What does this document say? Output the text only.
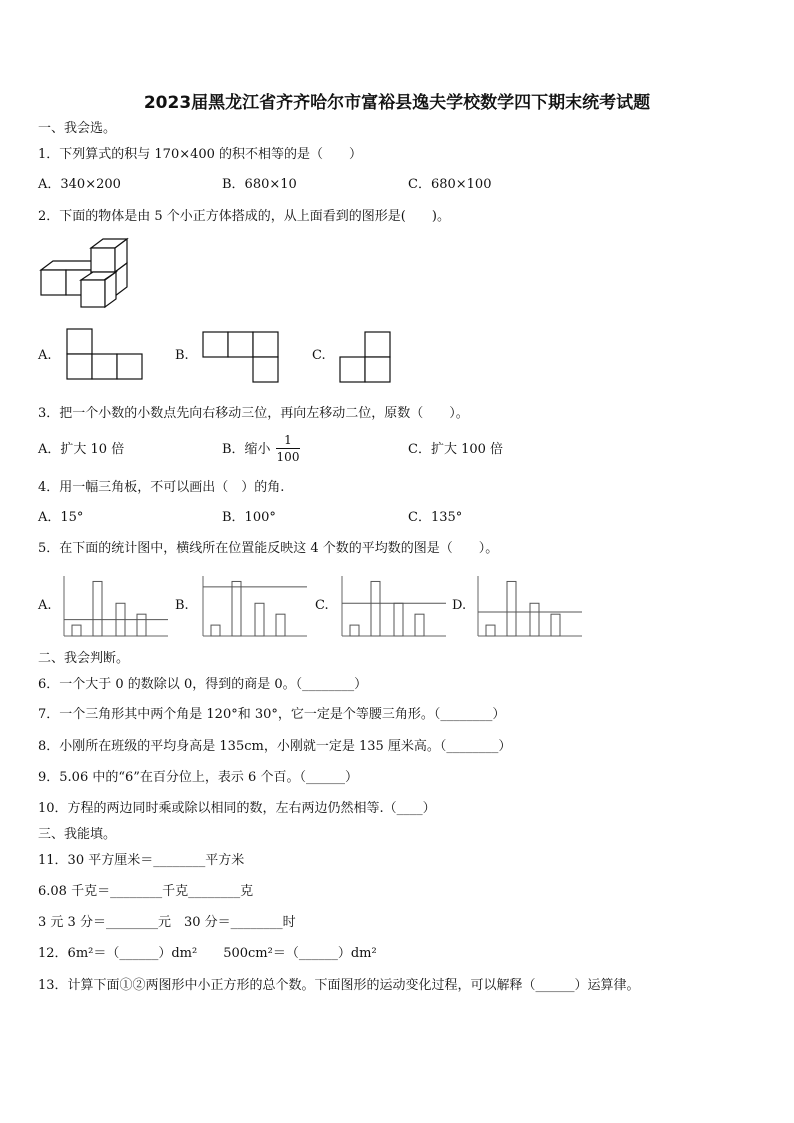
2023届黑龙江省齐齐哈尔市富裕县逸夫学校数学四下期末统考试题
一、我会选。
1．下列算式的积与 170×400 的积不相等的是（　　）
A．340×200	B．680×10	C．680×100
2．下面的物体是由 5 个小正方体搭成的，从上面看到的图形是(　　)。
A.	B.	C.
3．把一个小数的小数点先向右移动三位，再向左移动二位，原数（　　）。
A．扩大 10 倍	B．缩小
1
100	C．扩大 100 倍
4．用一幅三角板，不可以画出（　）的角.
A．15°	B．100°	C．135°
5．在下面的统计图中，横线所在位置能反映这 4 个数的平均数的图是（　　）。
A.	B.	C.	D.
二、我会判断。
6．一个大于 0 的数除以 0，得到的商是 0。（________）
7．一个三角形其中两个角是 120°和 30°，它一定是个等腰三角形。（________）
8．小刚所在班级的平均身高是 135cm，小刚就一定是 135 厘米高。（________）
9．5.06 中的“6”在百分位上，表示 6 个百。（______）
10．方程的两边同时乘或除以相同的数，左右两边仍然相等.（____）
三、我能填。
11．30 平方厘米＝________平方米
6.08 千克＝________千克________克
3 元 3 分＝________元　30 分＝________时
12．6m²＝（______）dm²　　500cm²＝（______）dm²
13．计算下面①②两图形中小正方形的总个数。下面图形的运动变化过程，可以解释（______）运算律。
